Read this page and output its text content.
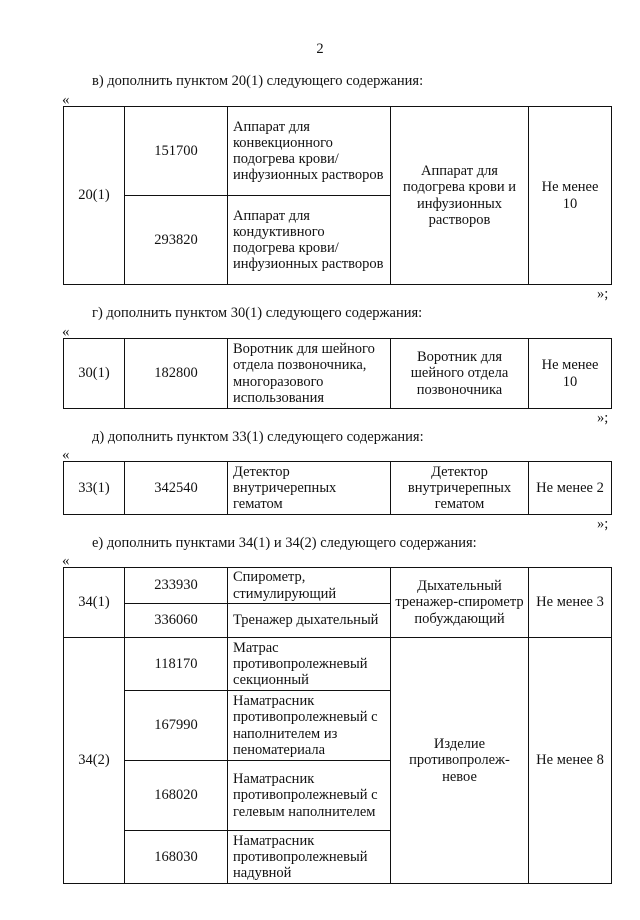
2
в) дополнить пунктом 20(1) следующего содержания:
«
20(1)	151700	Аппарат для конвекционного подогрева крови/инфузионных растворов	Аппарат для подогрева крови и инфузионных растворов	Не менее 10
	293820	Аппарат для кондуктивного подогрева крови/инфузионных растворов		
»;
г) дополнить пунктом 30(1) следующего содержания:
«
30(1)	182800	Воротник для шейного отдела позвоночника, многоразового использования	Воротник для шейного отдела позвоночника	Не менее 10
»;
д) дополнить пунктом 33(1) следующего содержания:
«
33(1)	342540	Детектор внутричерепных гематом	Детектор внутричерепных гематом	Не менее 2
»;
е) дополнить пунктами 34(1) и 34(2) следующего содержания:
«
34(1)	233930	Спирометр, стимулирующий	Дыхательный тренажер-спирометр побуждающий	Не менее 3
	336060	Тренажер дыхательный		
34(2)	118170	Матрас противопролежневый секционный	Изделие противопролеж-невое	Не менее 8
	167990	Наматрасник противопролежневый с наполнителем из пеноматериала		
	168020	Наматрасник противопролежневый с гелевым наполнителем		
	168030	Наматрасник противопролежневый надувной		
